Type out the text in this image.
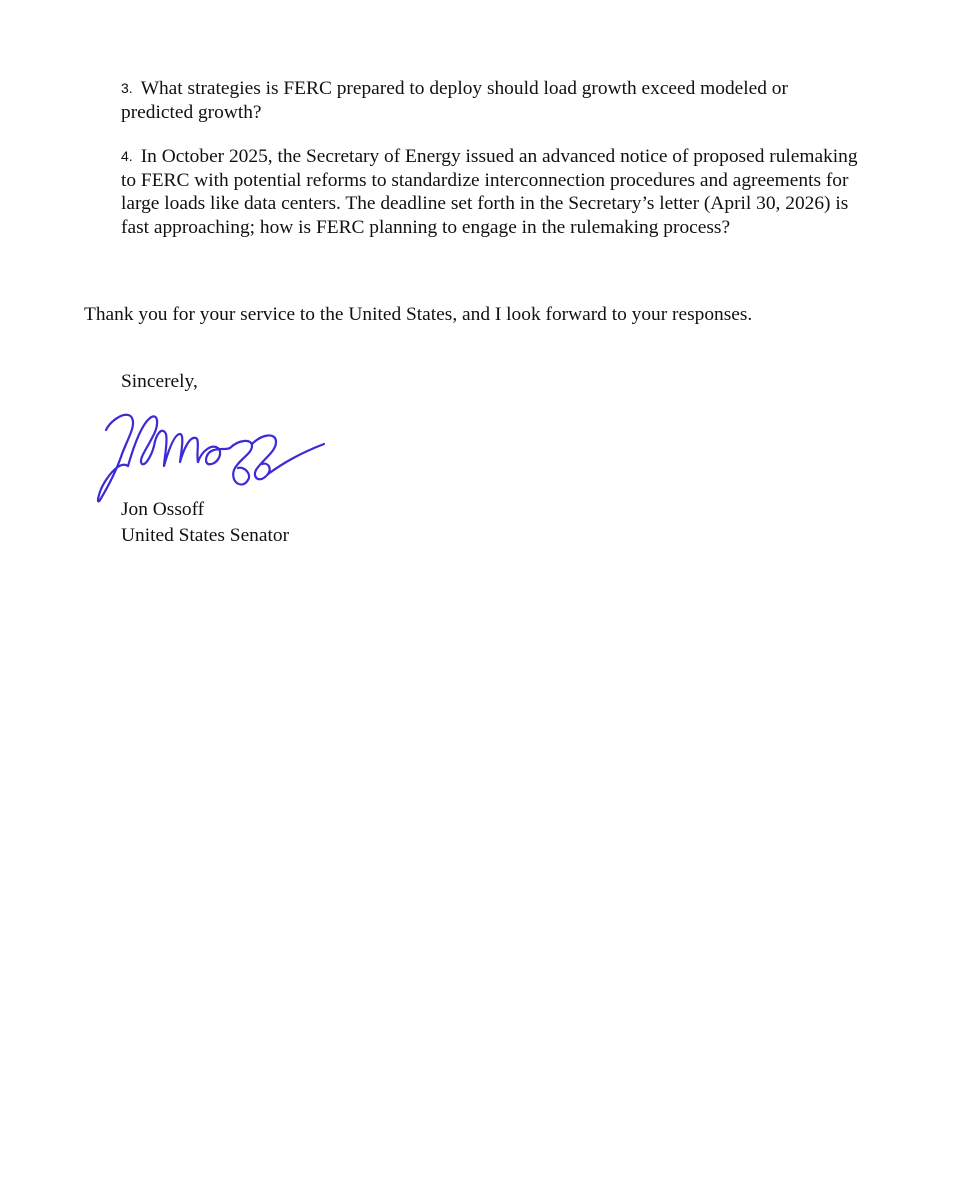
3. What strategies is FERC prepared to deploy should load growth exceed modeled or predicted growth?
4. In October 2025, the Secretary of Energy issued an advanced notice of proposed rulemaking to FERC with potential reforms to standardize interconnection procedures and agreements for large loads like data centers. The deadline set forth in the Secretary’s letter (April 30, 2026) is fast approaching; how is FERC planning to engage in the rulemaking process?
Thank you for your service to the United States, and I look forward to your responses.
Sincerely,
Jon Ossoff
United States Senator
